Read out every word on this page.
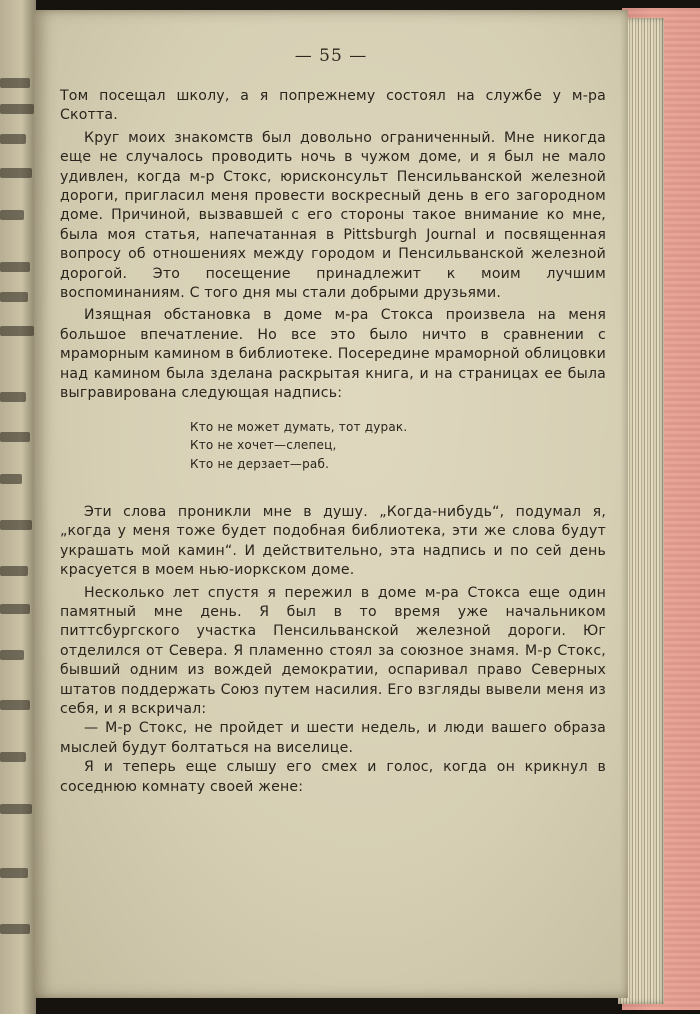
— 55 —

Том посещал школу, а я попрежнему состоял на службе у м-ра Скотта.

Круг моих знакомств был довольно ограниченный. Мне никогда еще не случалось проводить ночь в чужом доме, и я был не мало удивлен, когда м-р Стокс, юрисконсульт Пенсильванской железной дороги, пригласил меня провести воскресный день в его загородном доме. Причиной, вызвавшей с его стороны такое внимание ко мне, была моя статья, напечатанная в Pittsburgh Journal и посвященная вопросу об отношениях между городом и Пенсильванской железной дорогой. Это посещение принадлежит к моим лучшим воспоминаниям. С того дня мы стали добрыми друзьями.

Изящная обстановка в доме м-ра Стокса произвела на меня большое впечатление. Но все это было ничто в сравнении с мраморным камином в библиотеке. Посередине мраморной облицовки над камином была зделана раскрытая книга, и на страницах ее была выгравирована следующая надпись:

Кто не может думать, тот дурак.
Кто не хочет—слепец,
Кто не дерзает—раб.

Эти слова проникли мне в душу. „Когда-нибудь“, подумал я, „когда у меня тоже будет подобная библиотека, эти же слова будут украшать мой камин“. И действительно, эта надпись и по сей день красуется в моем нью-иоркском доме.

Несколько лет спустя я пережил в доме м-ра Стокса еще один памятный мне день. Я был в то время уже начальником питтсбургского участка Пенсильванской железной дороги. Юг отделился от Севера. Я пламенно стоял за союзное знамя. М-р Стокс, бывший одним из вождей демократии, оспаривал право Северных штатов поддержать Союз путем насилия. Его взгляды вывели меня из себя, и я вскричал:

— М-р Стокс, не пройдет и шести недель, и люди вашего образа мыслей будут болтаться на виселице.

Я и теперь еще слышу его смех и голос, когда он крикнул в соседнюю комнату своей жене:
